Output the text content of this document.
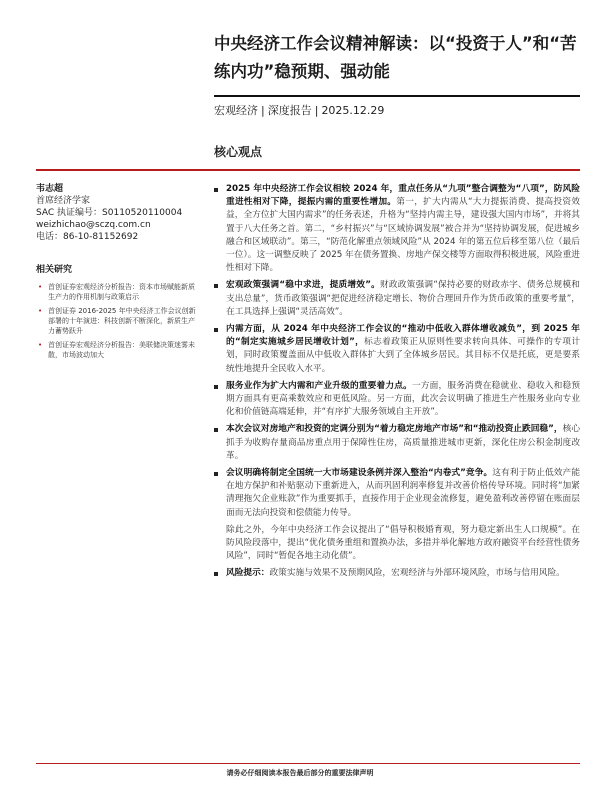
中央经济工作会议精神解读：以“投资于人”和“苦练内功”稳预期、强动能
宏观经济 | 深度报告 | 2025.12.29
核心观点
韦志超
首席经济学家
SAC 执证编号：S0110520110004
weizhichao@sczq.com.cn
电话：86-10-81152692
相关研究
• 首创证券宏观经济分析报告：资本市场赋能新质生产力的作用机制与政策启示
• 首创证券 2016-2025 年中央经济工作会议创新部署的十年演进：科技创新不断深化，新质生产力蓄势跃升
• 首创证券宏观经济分析报告：美联储决策迷雾未散，市场波动加大
2025 年中央经济工作会议相较 2024 年，重点任务从“九项”整合调整为“八项”，防风险重进性相对下降，提振内需的重要性增加。第一，扩大内需从“大力提振消费、提高投资效益，全方位扩大国内需求”的任务表述，升格为“坚持内需主导，建设强大国内市场”，并将其置于八大任务之首。第二，“乡村振兴”与“区域协调发展”被合并为“坚持协调发展，促进城乡融合和区域联动”。第三，“防范化解重点领域风险”从 2024 年的第五位后移至第八位（最后一位）。这一调整反映了 2025 年在债务置换、房地产保交楼等方面取得积极进展，风险重进性相对下降。
宏观政策强调“稳中求进，提质增效”。财政政策强调“保持必要的财政赤字、债务总规模和支出总量”，货币政策强调“把促进经济稳定增长、物价合理回升作为货币政策的重要考量”，在工具选择上强调“灵活高效”。
内需方面，从 2024 年中央经济工作会议的“推动中低收入群体增收减负”，到 2025 年的“制定实施城乡居民增收计划”，标志着政策正从原则性要求转向具体、可操作的专项计划，同时政策覆盖面从中低收入群体扩大到了全体城乡居民。其目标不仅是托底，更是要系统性地提升全民收入水平。
服务业作为扩大内需和产业升级的重要着力点。一方面，服务消费在稳就业、稳收入和稳预期方面具有更高乘数效应和更低风险。另一方面，此次会议明确了推进生产性服务业向专业化和价值链高端延伸，并“有序扩大服务领域自主开放”。
本次会议对房地产和投资的定调分别为“着力稳定房地产市场”和“推动投资止跌回稳”，核心抓手为收购存量商品房重点用于保障性住房，高质量推进城市更新，深化住房公积金制度改革。
会议明确将制定全国统一大市场建设条例并深入整治“内卷式”竞争。这有利于防止低效产能在地方保护和补贴驱动下重新进入，从而巩固利润率修复并改善价格传导环境。同时将“加紧清理拖欠企业账款”作为重要抓手，直接作用于企业现金流修复，避免盈利改善停留在账面层面而无法向投资和偿债能力传导。
除此之外，今年中央经济工作会议提出了“倡导积极婚育观，努力稳定新出生人口规模”。在防风险段落中，提出“优化债务重组和置换办法，多措并举化解地方政府融资平台经营性债务风险”，同时“暂促各地主动化债”。
风险提示：政策实施与效果不及预期风险，宏观经济与外部环境风险，市场与信用风险。
请务必仔细阅读本报告最后部分的重要法律声明
